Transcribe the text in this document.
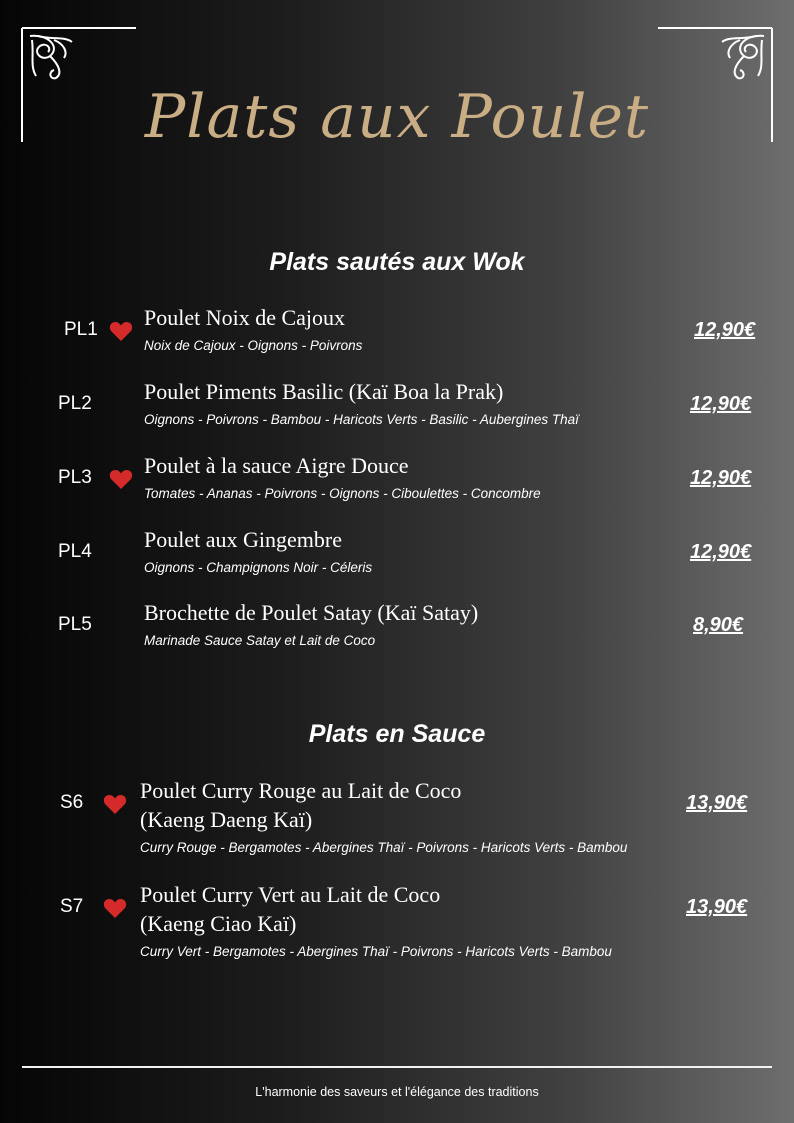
Plats aux Poulet
Plats sautés aux Wok
PL1 Poulet Noix de Cajoux
Noix de Cajoux - Oignons - Poivrons
12,90€
PL2 Poulet Piments Basilic (Kaï Boa la Prak)
Oignons - Poivrons - Bambou - Haricots Verts - Basilic - Aubergines Thaï
12,90€
PL3 Poulet à la sauce Aigre Douce
Tomates - Ananas - Poivrons - Oignons - Ciboulettes - Concombre
12,90€
PL4 Poulet aux Gingembre
Oignons - Champignons Noir - Céleris
12,90€
PL5 Brochette de Poulet Satay (Kaï Satay)
Marinade Sauce Satay et Lait de Coco
8,90€
Plats en Sauce
S6	Poulet Curry Rouge au Lait de Coco
(Kaeng Daeng Kaï)
Curry Rouge - Bergamotes - Abergines Thaï - Poivrons - Haricots Verts - Bambou
13,90€
S7	Poulet Curry Vert au Lait de Coco
(Kaeng Ciao Kaï)
Curry Vert - Bergamotes - Abergines Thaï - Poivrons - Haricots Verts - Bambou
13,90€
L'harmonie des saveurs et l'élégance des traditions
